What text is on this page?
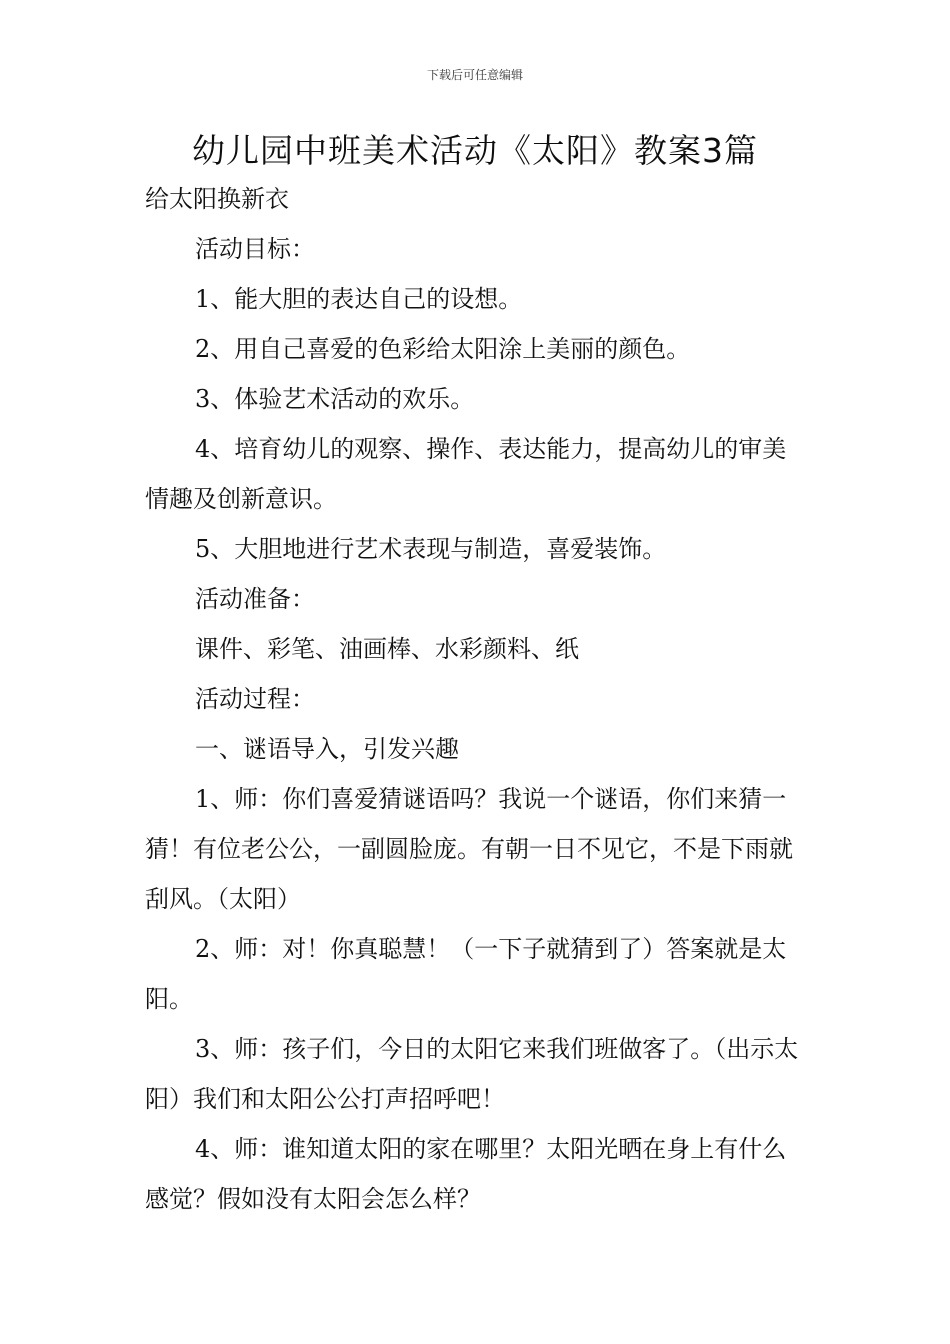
下载后可任意编辑
幼儿园中班美术活动《太阳》教案3篇

给太阳换新衣

活动目标：

1、能大胆的表达自己的设想。

2、用自己喜爱的色彩给太阳涂上美丽的颜色。

3、体验艺术活动的欢乐。

4、培育幼儿的观察、操作、表达能力，提高幼儿的审美情趣及创新意识。

5、大胆地进行艺术表现与制造，喜爱装饰。

活动准备：

课件、彩笔、油画棒、水彩颜料、纸

活动过程：

一、谜语导入，引发兴趣

1、师：你们喜爱猜谜语吗？我说一个谜语，你们来猜一猜！有位老公公，一副圆脸庞。有朝一日不见它，不是下雨就刮风。（太阳）

2、师：对！你真聪慧！（一下子就猜到了）答案就是太阳。

3、师：孩子们，今日的太阳它来我们班做客了。（出示太阳）我们和太阳公公打声招呼吧！

4、师：谁知道太阳的家在哪里？太阳光晒在身上有什么感觉？假如没有太阳会怎么样？
